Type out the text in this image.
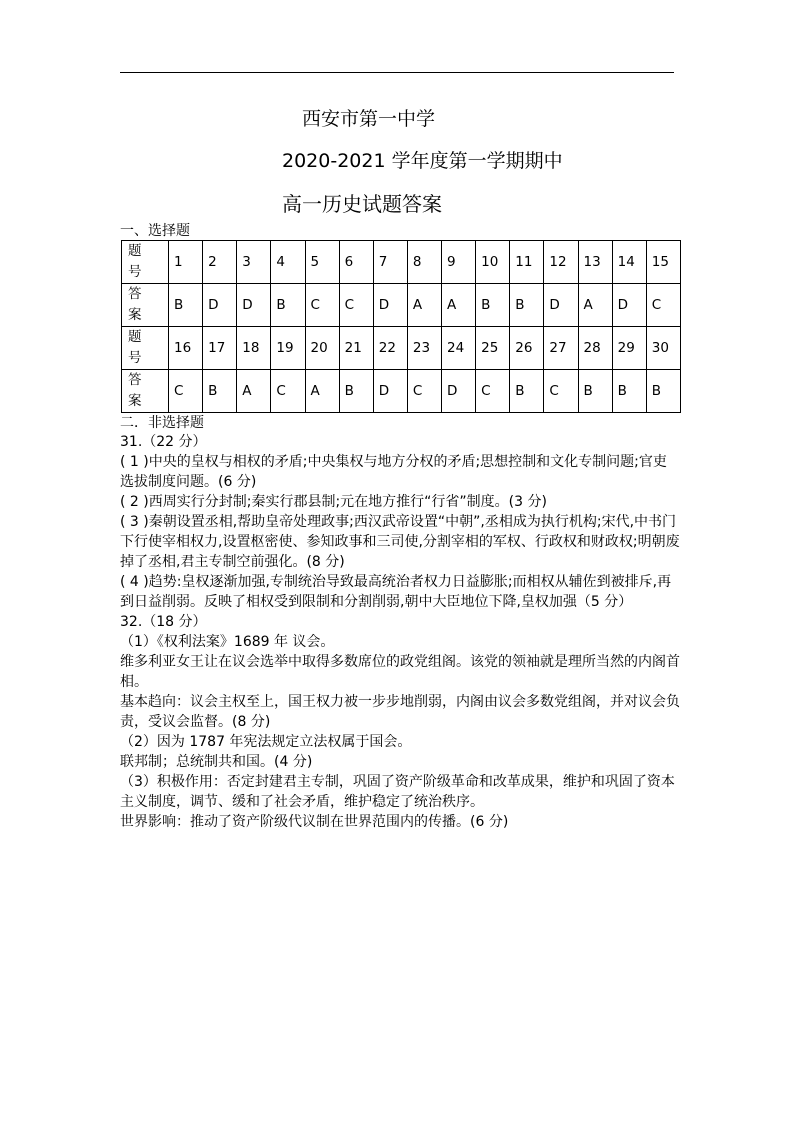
西安市第一中学
2020-2021 学年度第一学期期中
高一历史试题答案
一、选择题
题
号	1	2	3	4	5	6	7	8	9	10	11	12	13	14	15

答
案	B	D	D	B	C	C	D	A	A	B	B	D	A	D	C

题
号	16	17	18	19	20	21	22	23	24	25	26	27	28	29	30

答
案	C	B	A	C	A	B	D	C	D	C	B	C	B	B	B
二．非选择题

31.（22 分）

( 1 )中央的皇权与相权的矛盾;中央集权与地方分权的矛盾;思想控制和文化专制问题;官吏选拔制度问题。(6 分)

( 2 )西周实行分封制;秦实行郡县制;元在地方推行“行省”制度。(3 分)

( 3 )秦朝设置丞相,帮助皇帝处理政事;西汉武帝设置“中朝”,丞相成为执行机构;宋代,中书门下行使宰相权力,设置枢密使、参知政事和三司使,分割宰相的军权、行政权和财政权;明朝废掉了丞相,君主专制空前强化。(8 分)

( 4 )趋势:皇权逐渐加强,专制统治导致最高统治者权力日益膨胀;而相权从辅佐到被排斥,再到日益削弱。反映了相权受到限制和分割削弱,朝中大臣地位下降,皇权加强（5 分）

32.（18 分）

（1）《权利法案》1689 年 议会。

维多利亚女王让在议会选举中取得多数席位的政党组阁。该党的领袖就是理所当然的内阁首相。

基本趋向：议会主权至上，国王权力被一步步地削弱，内阁由议会多数党组阁，并对议会负责，受议会监督。(8 分)

（2）因为 1787 年宪法规定立法权属于国会。

联邦制；总统制共和国。(4 分)

（3）积极作用：否定封建君主专制，巩固了资产阶级革命和改革成果，维护和巩固了资本主义制度，调节、缓和了社会矛盾，维护稳定了统治秩序。

世界影响：推动了资产阶级代议制在世界范围内的传播。(6 分)
